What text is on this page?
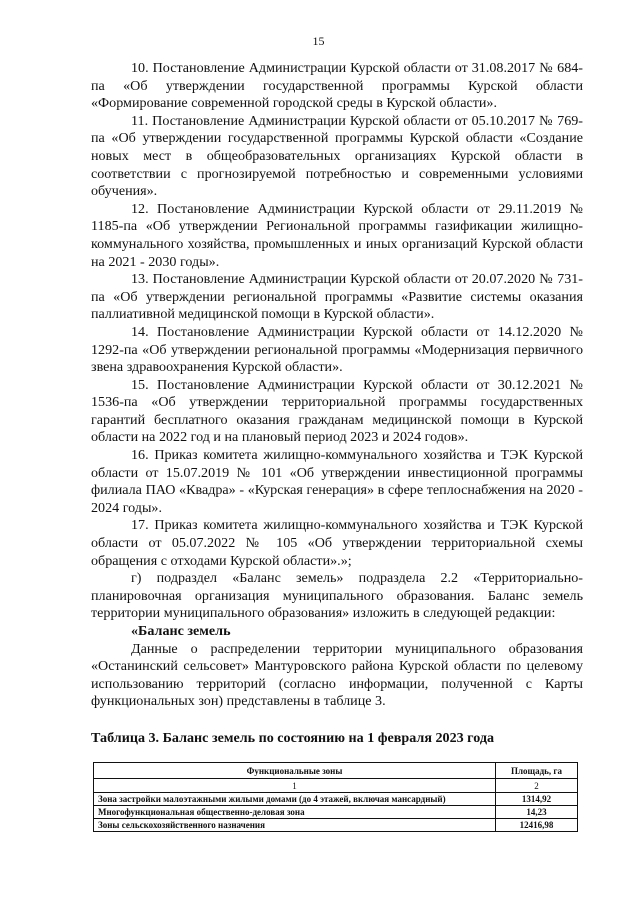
15

10. Постановление Администрации Курской области от 31.08.2017 № 684-па «Об утверждении государственной программы Курской области «Формирование современной городской среды в Курской области».

11. Постановление Администрации Курской области от 05.10.2017 № 769-па «Об утверждении государственной программы Курской области «Создание новых мест в общеобразовательных организациях Курской области в соответствии с прогнозируемой потребностью и современными условиями обучения».

12. Постановление Администрации Курской области от 29.11.2019 № 1185-па «Об утверждении Региональной программы газификации жилищно-коммунального хозяйства, промышленных и иных организаций Курской области на 2021 - 2030 годы».

13. Постановление Администрации Курской области от 20.07.2020 № 731-па «Об утверждении региональной программы «Развитие системы оказания паллиативной медицинской помощи в Курской области».

14. Постановление Администрации Курской области от 14.12.2020 № 1292-па «Об утверждении региональной программы «Модернизация первичного звена здравоохранения Курской области».

15. Постановление Администрации Курской области от 30.12.2021 № 1536-па «Об утверждении территориальной программы государственных гарантий бесплатного оказания гражданам медицинской помощи в Курской области на 2022 год и на плановый период 2023 и 2024 годов».

16. Приказ комитета жилищно-коммунального хозяйства и ТЭК Курской области от 15.07.2019 № 101 «Об утверждении инвестиционной программы филиала ПАО «Квадра» - «Курская генерация» в сфере теплоснабжения на 2020 - 2024 годы».

17. Приказ комитета жилищно-коммунального хозяйства и ТЭК Курской области от 05.07.2022 № 105 «Об утверждении территориальной схемы обращения с отходами Курской области».»;

г) подраздел «Баланс земель» подраздела 2.2 «Территориально-планировочная организация муниципального образования. Баланс земель территории муниципального образования» изложить в следующей редакции:

«Баланс земель

Данные о распределении территории муниципального образования «Останинский сельсовет» Мантуровского района Курской области по целевому использованию территорий (согласно информации, полученной с Карты функциональных зон) представлены в таблице 3.

Таблица 3. Баланс земель по состоянию на 1 февраля 2023 года
Функциональные зоны	Площадь, га
1	2
Зона застройки малоэтажными жилыми домами (до 4 этажей, включая мансардный)	1314,92
Многофункциональная общественно-деловая зона	14,23
Зоны сельскохозяйственного назначения	12416,98
